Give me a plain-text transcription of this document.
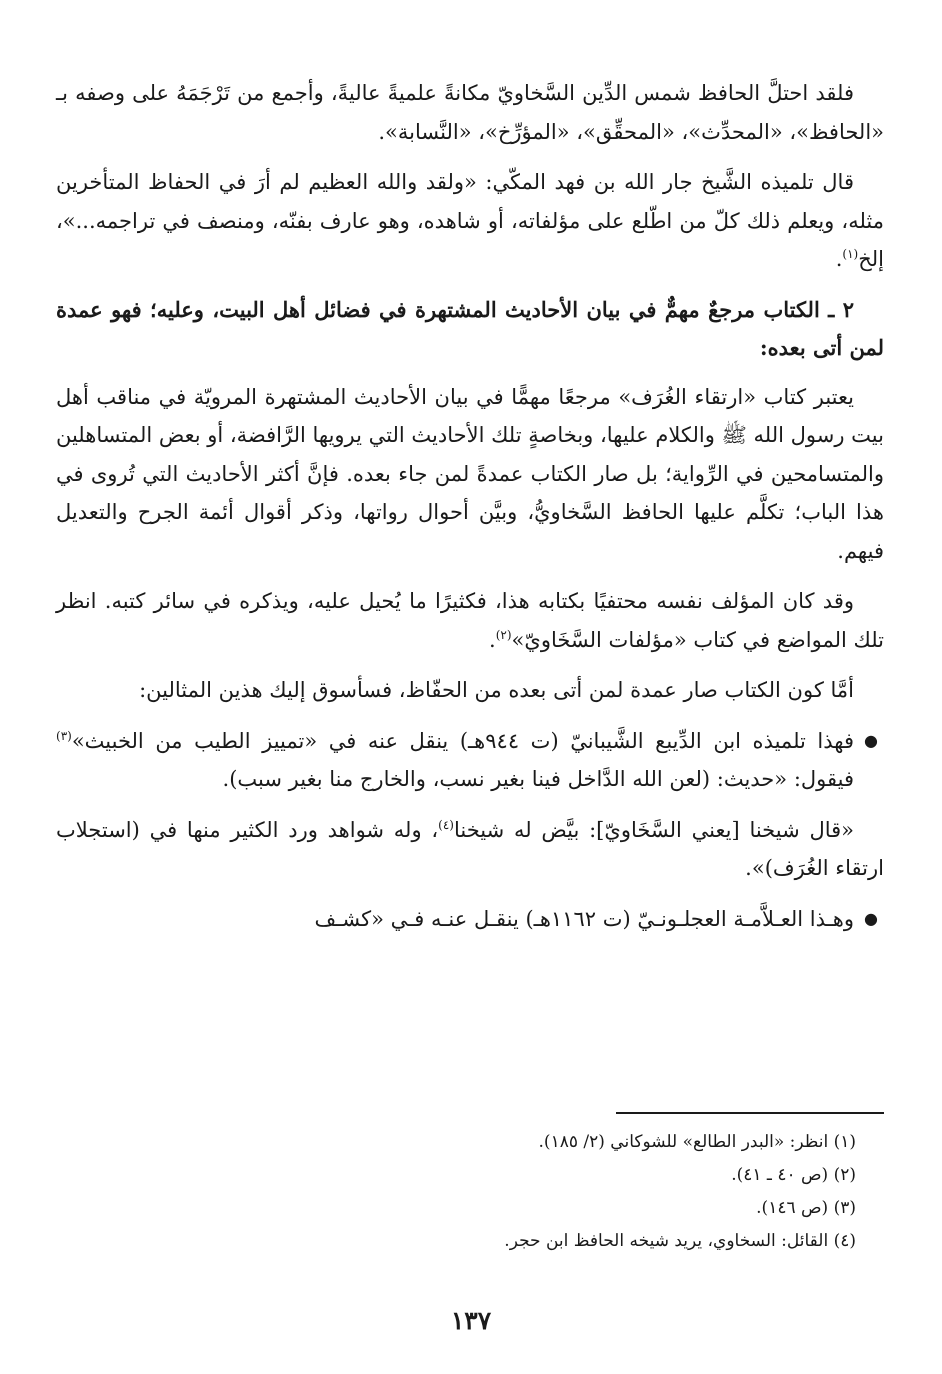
فلقد احتلَّ الحافظ شمس الدِّين السَّخاويّ مكانةً علميةً عاليةً، وأجمع من تَرْجَمَهُ على وصفه بـ «الحافظ»، «المحدِّث»، «المحقِّق»، «المؤرِّخ»، «النَّسابة».

قال تلميذه الشَّيخ جار الله بن فهد المكّي: «ولقد والله العظيم لم أرَ في الحفاظ المتأخرين مثله، ويعلم ذلك كلّ من اطّلع على مؤلفاته، أو شاهده، وهو عارف بفنّه، ومنصف في تراجمه...»، إلخ$^{(١)}$.

٢ ـ الكتاب مرجعٌ مهمٌّ في بيان الأحاديث المشتهرة في فضائل أهل البيت، وعليه؛ فهو عمدة لمن أتى بعده:

يعتبر كتاب «ارتقاء الغُرَف» مرجعًا مهمًّا في بيان الأحاديث المشتهرة المرويّة في مناقب أهل بيت رسول الله ﷺ والكلام عليها، وبخاصةٍ تلك الأحاديث التي يرويها الرَّافضة، أو بعض المتساهلين والمتسامحين في الرِّواية؛ بل صار الكتاب عمدةً لمن جاء بعده. فإنَّ أكثر الأحاديث التي تُروى في هذا الباب؛ تكلَّم عليها الحافظ السَّخاويُّ، وبيَّن أحوال رواتها، وذكر أقوال أئمة الجرح والتعديل فيهم.

وقد كان المؤلف نفسه محتفيًا بكتابه هذا، فكثيرًا ما يُحيل عليه، ويذكره في سائر كتبه. انظر تلك المواضع في كتاب «مؤلفات السَّخَاويّ»$^{(٢)}$.

أمَّا كون الكتاب صار عمدة لمن أتى بعده من الحفّاظ، فسأسوق إليك هذين المثالين:

●
فهذا تلميذه ابن الدِّيبع الشَّيبانيّ (ت ٩٤٤هـ) ينقل عنه في «تمييز الطيب من الخبيث»$^{(٣)}$ فيقول: «حديث: (لعن الله الدَّاخل فينا بغير نسب، والخارج منا بغير سبب).

«قال شيخنا [يعني السَّخَاويّ]: بيَّض له شيخنا$^{(٤)}$، وله شواهد ورد الكثير منها في (استجلاب ارتقاء الغُرَف)».

●
وهـذا العـلاَّمـة العجلـونـيّ (ت ١١٦٢هـ) ينقـل عنـه فـي «كشـف

(١) انظر: «البدر الطالع» للشوكاني (٢/ ١٨٥).
(٢) (ص ٤٠ ـ ٤١).
(٣) (ص ١٤٦).
(٤) القائل: السخاوي، يريد شيخه الحافظ ابن حجر.
١٣٧
